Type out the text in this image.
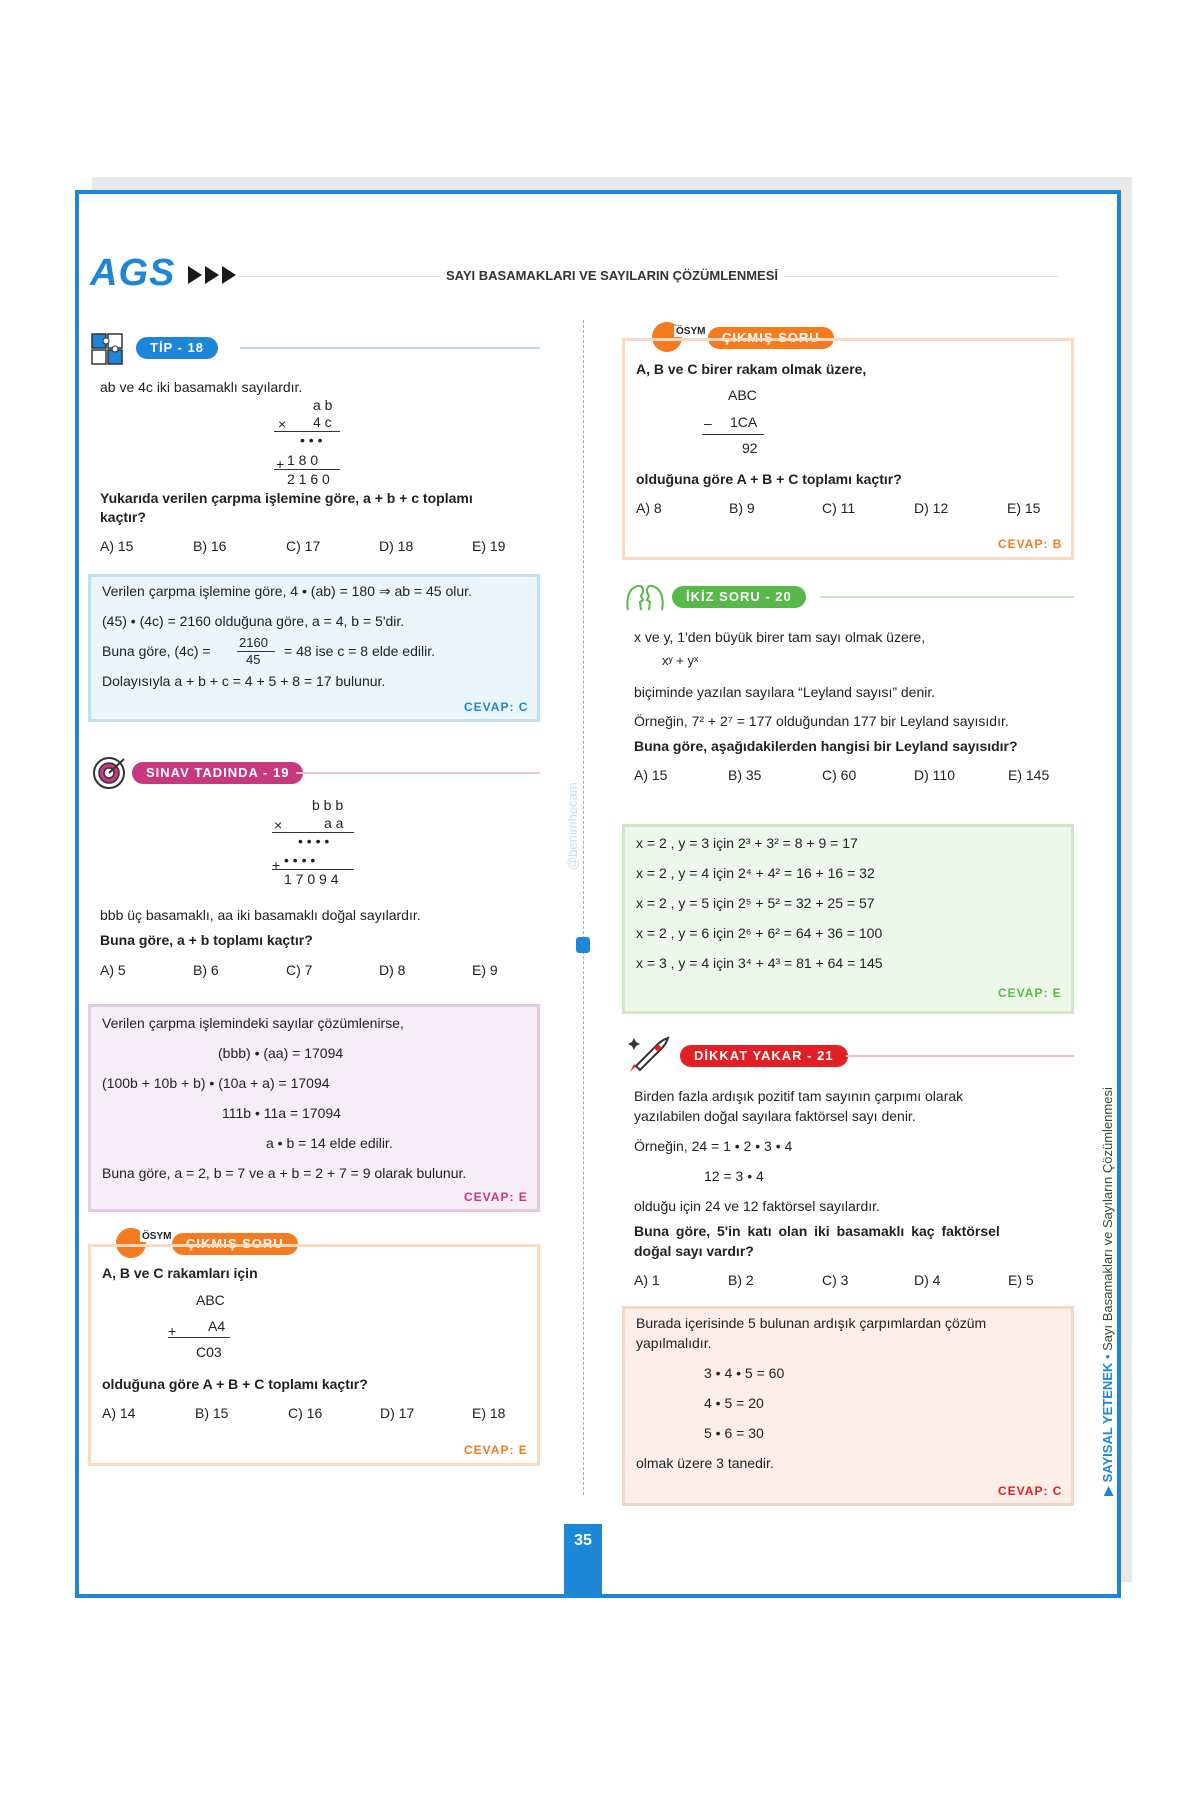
AGS	SAYI BASAMAKLARI VE SAYILARIN ÇÖZÜMLENMESİ
@benimhocam
TİP - 18
ab ve 4c iki basamaklı sayılardır.
a b
× 4 c
• • •
+ 1 8 0
2 1 6 0
Yukarıda verilen çarpma işlemine göre, a + b + c toplamı
kaçtır?
A) 15	B) 16	C) 17	D) 18	E) 19
Verilen çarpma işlemine göre, 4 • (ab) = 180 ⇒ ab = 45 olur.
(45) • (4c) = 2160 olduğuna göre, a = 4, b = 5'dir.
Buna göre, (4c) =
2160
45
= 48 ise c = 8 elde edilir.
Dolayısıyla a + b + c = 4 + 5 + 8 = 17 bulunur.
CEVAP: C
SINAV TADINDA - 19
b b b
×	a a
• • • •
+ • • • •
1 7 0 9 4
bbb üç basamaklı, aa iki basamaklı doğal sayılardır.
Buna göre, a + b toplamı kaçtır?
A) 5	B) 6	C) 7	D) 8	E) 9
Verilen çarpma işlemindeki sayılar çözümlenirse,
(bbb) • (aa) = 17094
(100b + 10b + b) • (10a + a) = 17094
111b • 11a = 17094
a • b = 14 elde edilir.
Buna göre, a = 2, b = 7 ve a + b = 2 + 7 = 9 olarak bulunur.
CEVAP: E
ÖSYM	ÇIKMIŞ SORU
A, B ve C rakamları için
ABC
+ A4
C03
olduğuna göre A + B + C toplamı kaçtır?
A) 14	B) 15	C) 16	D) 17	E) 18
CEVAP: E
ÖSYM	ÇIKMIŞ SORU
A, B ve C birer rakam olmak üzere,
ABC
– 1CA
92
olduğuna göre A + B + C toplamı kaçtır?
A) 8	B) 9	C) 11	D) 12	E) 15
CEVAP: B
İKİZ SORU - 20
x ve y, 1'den büyük birer tam sayı olmak üzere,
xʸ + yˣ
biçiminde yazılan sayılara “Leyland sayısı” denir.
Örneğin, 7² + 2⁷ = 177 olduğundan 177 bir Leyland sayısıdır.
Buna göre, aşağıdakilerden hangisi bir Leyland sayısıdır?
A) 15	B) 35	C) 60	D) 110	E) 145
x = 2 , y = 3 için 2³ + 3² = 8 + 9 = 17
x = 2 , y = 4 için 2⁴ + 4² = 16 + 16 = 32
x = 2 , y = 5 için 2⁵ + 5² = 32 + 25 = 57
x = 2 , y = 6 için 2⁶ + 6² = 64 + 36 = 100
x = 3 , y = 4 için 3⁴ + 4³ = 81 + 64 = 145
CEVAP: E
DİKKAT YAKAR - 21
Birden fazla ardışık pozitif tam sayının çarpımı olarak
yazılabilen doğal sayılara faktörsel sayı denir.
Örneğin, 24 = 1 • 2 • 3 • 4
12 = 3 • 4
olduğu için 24 ve 12 faktörsel sayılardır.
Buna göre, 5'in katı olan iki basamaklı kaç faktörsel
doğal sayı vardır?
A) 1	B) 2	C) 3	D) 4	E) 5
Burada içerisinde 5 bulunan ardışık çarpımlardan çözüm
yapılmalıdır.
3 • 4 • 5 = 60
4 • 5 = 20
5 • 6 = 30
olmak üzere 3 tanedir.
CEVAP: C	▶ SAYISAL YETENEK • Sayı Basamakları ve Sayıların Çözümlenmesi
35
